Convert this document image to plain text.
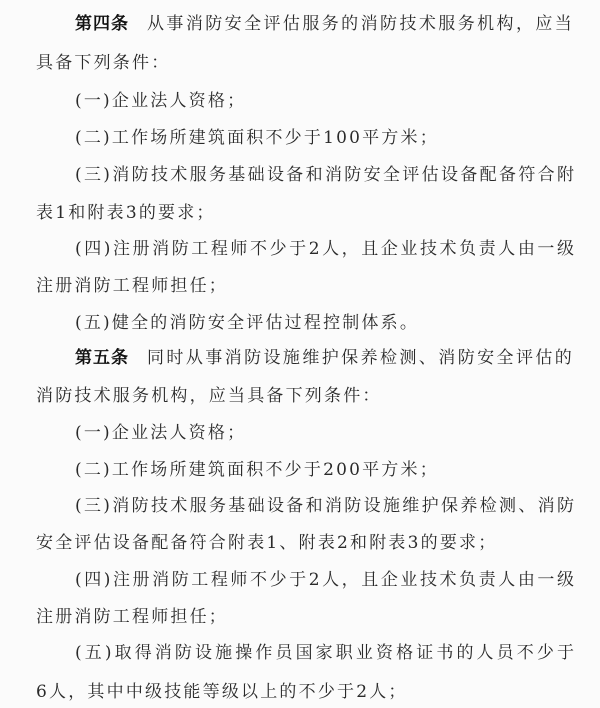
第四条 从事消防安全评估服务的消防技术服务机构，应当
具备下列条件：
(一)企业法人资格；
(二)工作场所建筑面积不少于100平方米；
(三)消防技术服务基础设备和消防安全评估设备配备符合附
表1和附表3的要求；
(四)注册消防工程师不少于2人，且企业技术负责人由一级
注册消防工程师担任；
(五)健全的消防安全评估过程控制体系。
第五条 同时从事消防设施维护保养检测、消防安全评估的
消防技术服务机构，应当具备下列条件：
(一)企业法人资格；
(二)工作场所建筑面积不少于200平方米；
(三)消防技术服务基础设备和消防设施维护保养检测、消防
安全评估设备配备符合附表1、附表2和附表3的要求；
(四)注册消防工程师不少于2人，且企业技术负责人由一级
注册消防工程师担任；
(五)取得消防设施操作员国家职业资格证书的人员不少于
6人，其中中级技能等级以上的不少于2人；
